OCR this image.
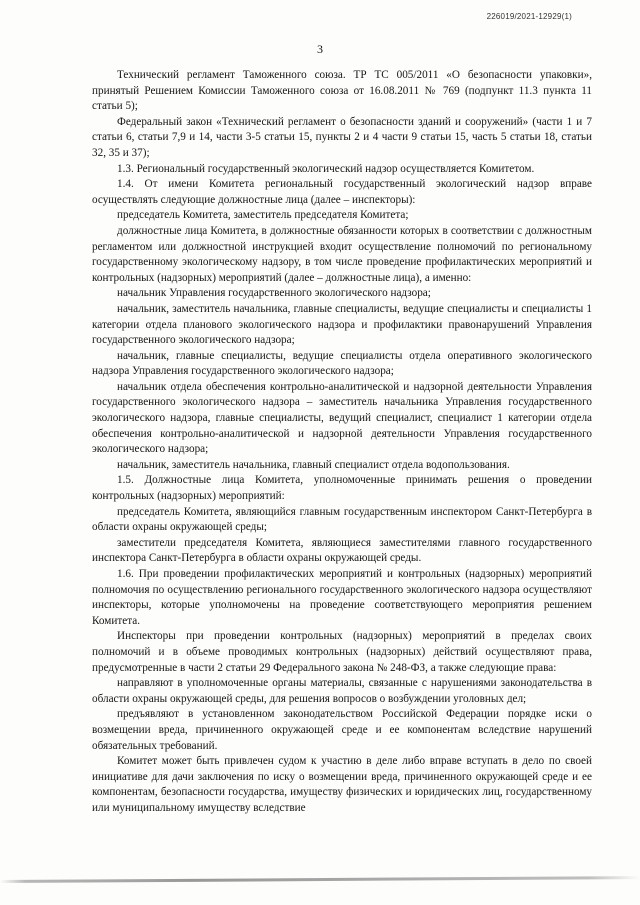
226019/2021-12929(1)
3

Технический регламент Таможенного союза. ТР ТС 005/2011 «О безопасности упаковки», принятый Решением Комиссии Таможенного союза от 16.08.2011 № 769 (подпункт 11.3 пункта 11 статьи 5);

Федеральный закон «Технический регламент о безопасности зданий и сооружений» (части 1 и 7 статьи 6, статьи 7,9 и 14, части 3-5 статьи 15, пункты 2 и 4 части 9 статьи 15, часть 5 статьи 18, статьи 32, 35 и 37);

1.3. Региональный государственный экологический надзор осуществляется Комитетом.

1.4. От имени Комитета региональный государственный экологический надзор вправе осуществлять следующие должностные лица (далее – инспекторы):

председатель Комитета, заместитель председателя Комитета;

должностные лица Комитета, в должностные обязанности которых в соответствии с должностным регламентом или должностной инструкцией входит осуществление полномочий по региональному государственному экологическому надзору, в том числе проведение профилактических мероприятий и контрольных (надзорных) мероприятий (далее – должностные лица), а именно:

начальник Управления государственного экологического надзора;

начальник, заместитель начальника, главные специалисты, ведущие специалисты и специалисты 1 категории отдела планового экологического надзора и профилактики правонарушений Управления государственного экологического надзора;

начальник, главные специалисты, ведущие специалисты отдела оперативного экологического надзора Управления государственного экологического надзора;

начальник отдела обеспечения контрольно-аналитической и надзорной деятельности Управления государственного экологического надзора – заместитель начальника Управления государственного экологического надзора, главные специалисты, ведущий специалист, специалист 1 категории отдела обеспечения контрольно-аналитической и надзорной деятельности Управления государственного экологического надзора;

начальник, заместитель начальника, главный специалист отдела водопользования.

1.5. Должностные лица Комитета, уполномоченные принимать решения о проведении контрольных (надзорных) мероприятий:

председатель Комитета, являющийся главным государственным инспектором Санкт-Петербурга в области охраны окружающей среды;

заместители председателя Комитета, являющиеся заместителями главного государственного инспектора Санкт-Петербурга в области охраны окружающей среды.

1.6. При проведении профилактических мероприятий и контрольных (надзорных) мероприятий полномочия по осуществлению регионального государственного экологического надзора осуществляют инспекторы, которые уполномочены на проведение соответствующего мероприятия решением Комитета.

Инспекторы при проведении контрольных (надзорных) мероприятий в пределах своих полномочий и в объеме проводимых контрольных (надзорных) действий осуществляют права, предусмотренные в части 2 статьи 29 Федерального закона № 248-ФЗ, а также следующие права:

направляют в уполномоченные органы материалы, связанные с нарушениями законодательства в области охраны окружающей среды, для решения вопросов о возбуждении уголовных дел;

предъявляют в установленном законодательством Российской Федерации порядке иски о возмещении вреда, причиненного окружающей среде и ее компонентам вследствие нарушений обязательных требований.

Комитет может быть привлечен судом к участию в деле либо вправе вступать в дело по своей инициативе для дачи заключения по иску о возмещении вреда, причиненного окружающей среде и ее компонентам, безопасности государства, имуществу физических и юридических лиц, государственному или муниципальному имуществу вследствие
